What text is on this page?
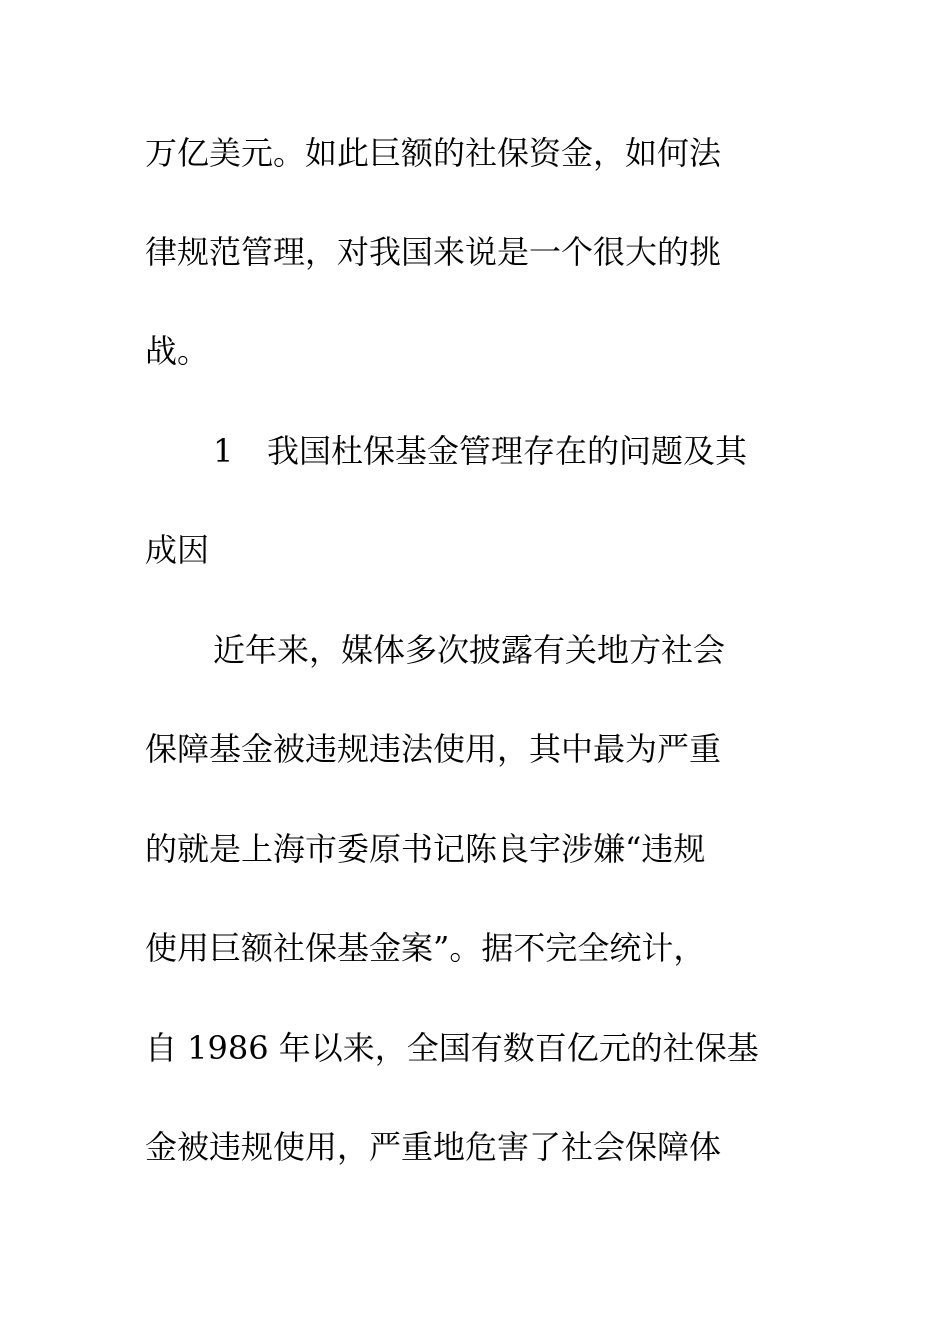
万亿美元。如此巨额的社保资金，如何法

律规范管理，对我国来说是一个很大的挑

战。

1 我国杜保基金管理存在的问题及其

成因

近年来，媒体多次披露有关地方社会

保障基金被违规违法使用，其中最为严重

的就是上海市委原书记陈良宇涉嫌“违规

使用巨额社保基金案”。据不完全统计，

自 1986 年以来，全国有数百亿元的社保基

金被违规使用，严重地危害了社会保障体
